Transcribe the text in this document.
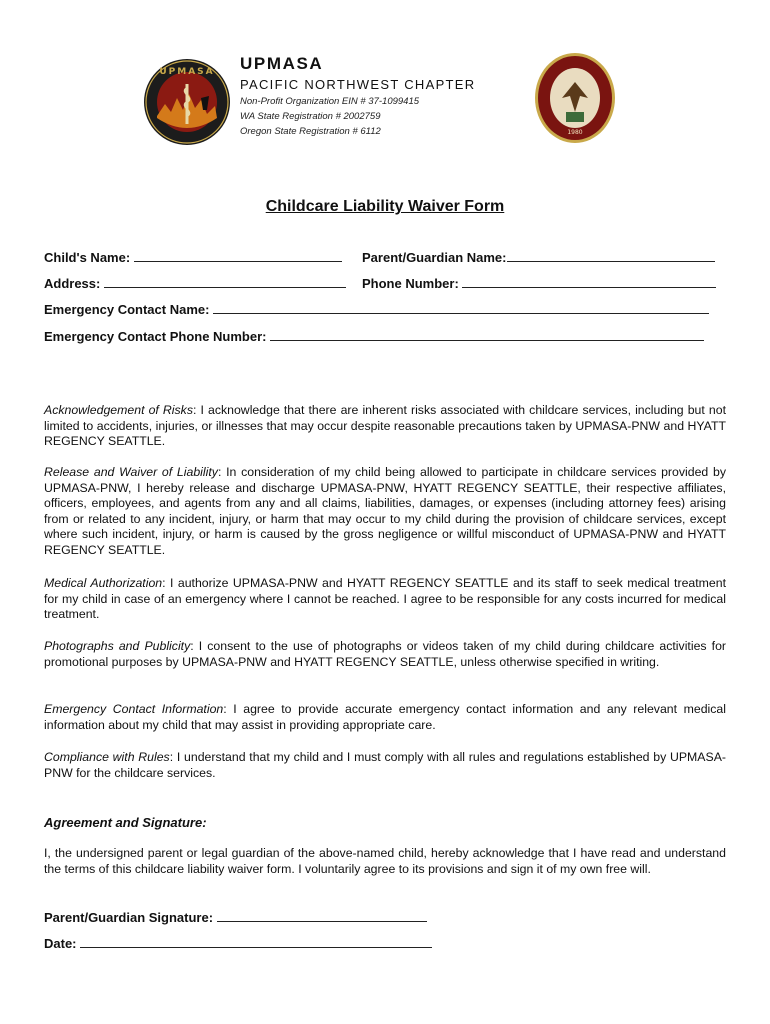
UPMASA
1980
UPMASA
PACIFIC NORTHWEST CHAPTER
Non-Profit Organization EIN # 37-1099415
WA State Registration # 2002759
Oregon State Registration # 6112
Childcare Liability Waiver Form
Child's Name:	Parent/Guardian Name:
Address:	Phone Number:
Emergency Contact Name:
Emergency Contact Phone Number:
Acknowledgement of Risks: I acknowledge that there are inherent risks associated with childcare services, including but not limited to accidents, injuries, or illnesses that may occur despite reasonable precautions taken by UPMASA-PNW and HYATT REGENCY SEATTLE.
Release and Waiver of Liability: In consideration of my child being allowed to participate in childcare services provided by UPMASA-PNW, I hereby release and discharge UPMASA-PNW, HYATT REGENCY SEATTLE, their respective affiliates, officers, employees, and agents from any and all claims, liabilities, damages, or expenses (including attorney fees) arising from or related to any incident, injury, or harm that may occur to my child during the provision of childcare services, except where such incident, injury, or harm is caused by the gross negligence or willful misconduct of UPMASA-PNW and HYATT REGENCY SEATTLE.
Medical Authorization: I authorize UPMASA-PNW and HYATT REGENCY SEATTLE and its staff to seek medical treatment for my child in case of an emergency where I cannot be reached. I agree to be responsible for any costs incurred for medical treatment.
Photographs and Publicity: I consent to the use of photographs or videos taken of my child during childcare activities for promotional purposes by UPMASA-PNW and HYATT REGENCY SEATTLE, unless otherwise specified in writing.
Emergency Contact Information: I agree to provide accurate emergency contact information and any relevant medical information about my child that may assist in providing appropriate care.
Compliance with Rules: I understand that my child and I must comply with all rules and regulations established by UPMASA-PNW for the childcare services.
Agreement and Signature:
I, the undersigned parent or legal guardian of the above-named child, hereby acknowledge that I have read and understand the terms of this childcare liability waiver form. I voluntarily agree to its provisions and sign it of my own free will.
Parent/Guardian Signature:
Date:
